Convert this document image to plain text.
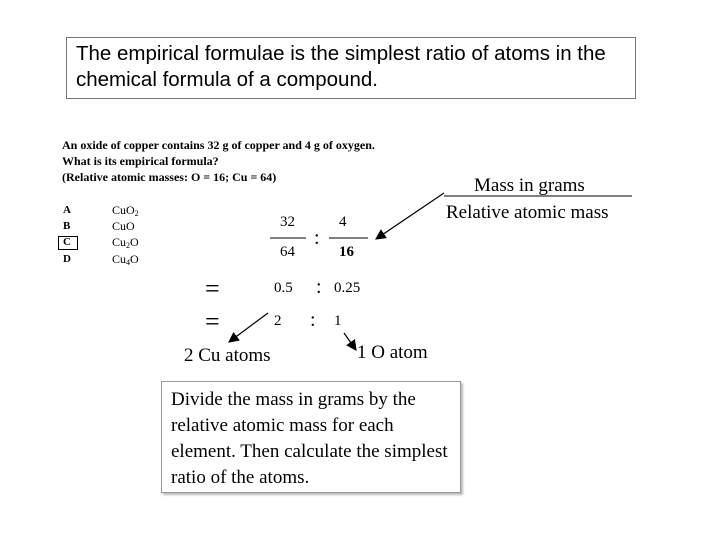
The empirical formulae is the simplest ratio of atoms in the chemical formula of a compound.
An oxide of copper contains 32 g of copper and 4 g of oxygen.
What is its empirical formula?
(Relative atomic masses: O = 16; Cu = 64)
A	CuO$_2$
B	CuO
C	$Cu_2O$
D	$Cu_4O$
Mass in grams
Relative atomic mass
32	4
:
64	16
=	0.5 : 0.25
=	2 : 1
2 Cu atoms	1 O atom
Divide the mass in grams by the relative atomic mass for each element. Then calculate the simplest ratio of the atoms.
